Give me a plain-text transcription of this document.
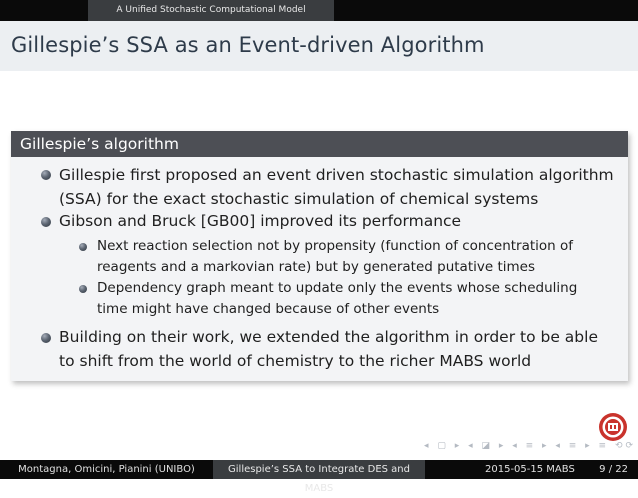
A Unified Stochastic Computational Model
Gillespie’s SSA as an Event-driven Algorithm
Gillespie’s algorithm
Gillespie first proposed an event driven stochastic simulation algorithm
(SSA) for the exact stochastic simulation of chemical systems
Gibson and Bruck [GB00] improved its performance
Next reaction selection not by propensity (function of concentration of
reagents and a markovian rate) but by generated putative times
Dependency graph meant to update only the events whose scheduling
time might have changed because of other events
Building on their work, we extended the algorithm in order to be able
to shift from the world of chemistry to the richer MABS world
◂ ▢ ▸ ◂ ◪ ▸ ◂ ≡ ▸ ◂ ≡ ▸ ≡ ⟲⟳
Montagna, Omicini, Pianini (UNIBO)	Gillespie’s SSA to Integrate DES and MABS
2015-05-15 MABS 9 / 22
